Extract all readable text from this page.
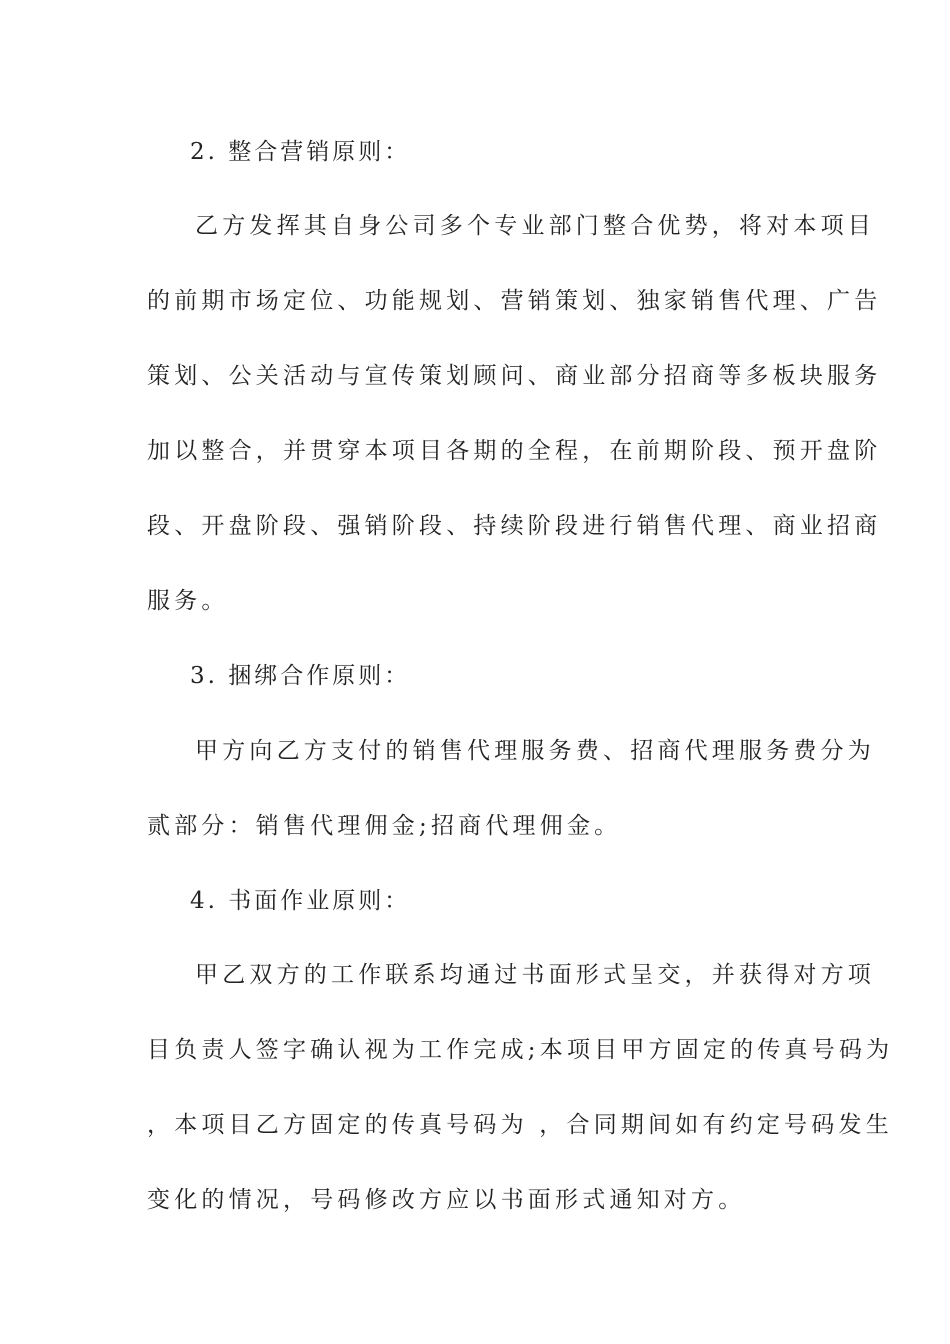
2. 整合营销原则：
乙方发挥其自身公司多个专业部门整合优势，将对本项目
的前期市场定位、功能规划、营销策划、独家销售代理、广告
策划、公关活动与宣传策划顾问、商业部分招商等多板块服务
加以整合，并贯穿本项目各期的全程，在前期阶段、预开盘阶
段、开盘阶段、强销阶段、持续阶段进行销售代理、商业招商
服务。
3. 捆绑合作原则：
甲方向乙方支付的销售代理服务费、招商代理服务费分为
贰部分：销售代理佣金;招商代理佣金。
4. 书面作业原则：
甲乙双方的工作联系均通过书面形式呈交，并获得对方项
目负责人签字确认视为工作完成;本项目甲方固定的传真号码为
，本项目乙方固定的传真号码为 ，合同期间如有约定号码发生
变化的情况，号码修改方应以书面形式通知对方。
